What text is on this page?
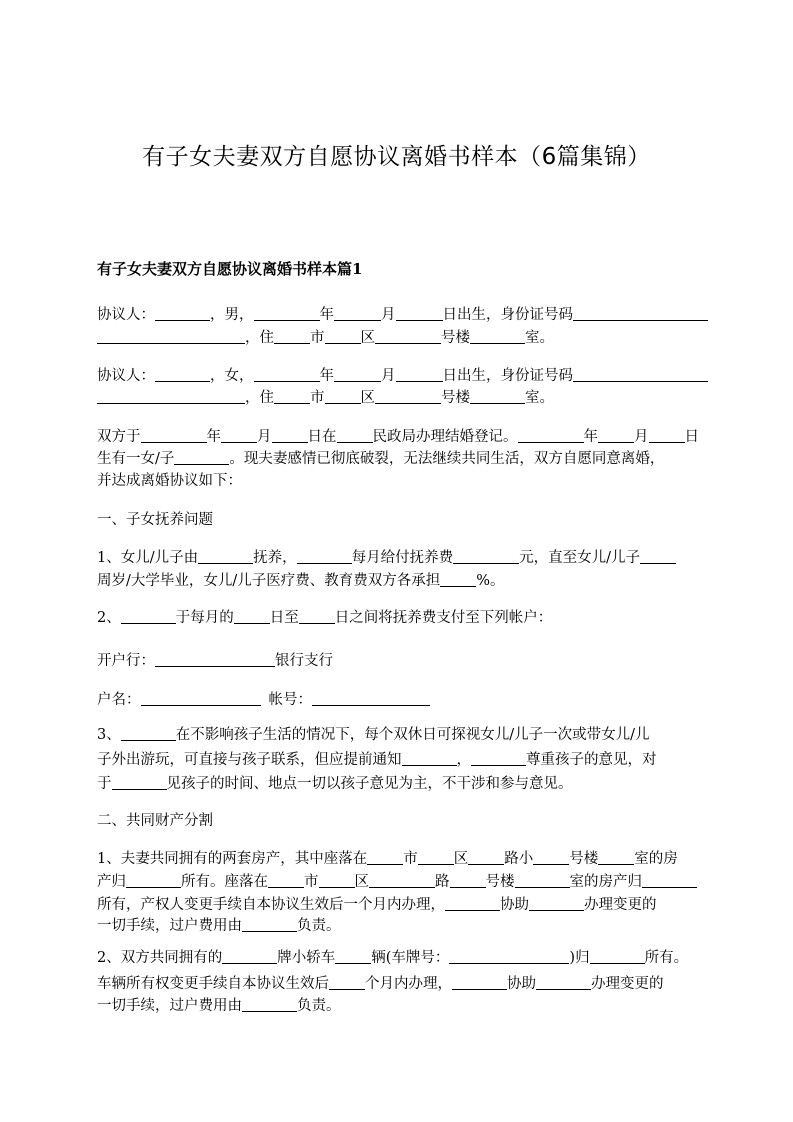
有子女夫妻双方自愿协议离婚书样本（6篇集锦）
有子女夫妻双方自愿协议离婚书样本篇1
协议人：	，男，	年	月	日出生，身份证号码
，住 市 区	号楼	室。
协议人：	，女，	年	月	日出生，身份证号码
，住 市 区	号楼	室。
双方于	年 月 日在 民政局办理结婚登记。	年 月 日
生有一女/子	。现夫妻感情已彻底破裂，无法继续共同生活，双方自愿同意离婚，
并达成离婚协议如下：
一、子女抚养问题
1、女儿/儿子由	抚养，	每月给付抚养费	元，直至女儿/儿子
周岁/大学毕业，女儿/儿子医疗费、教育费双方各承担 %。
2、	于每月的 日至 日之间将抚养费支付至下列帐户：
开户行：	银行支行
户名：	帐号：
3、	在不影响孩子生活的情况下，每个双休日可探视女儿/儿子一次或带女儿/儿
子外出游玩，可直接与孩子联系，但应提前通知	，	尊重孩子的意见，对
于	见孩子的时间、地点一切以孩子意见为主，不干涉和参与意见。
二、共同财产分割
1、夫妻共同拥有的两套房产，其中座落在 市 区 路小 号楼 室的房
产归	所有。座落在 市 区	路 号楼	室的房产归
所有，产权人变更手续自本协议生效后一个月内办理，	协助	办理变更的
一切手续，过户费用由	负责。
2、双方共同拥有的	牌小轿车 辆(车牌号：	)归	所有。
车辆所有权变更手续自本协议生效后 个月内办理，	协助	办理变更的
一切手续，过户费用由	负责。
